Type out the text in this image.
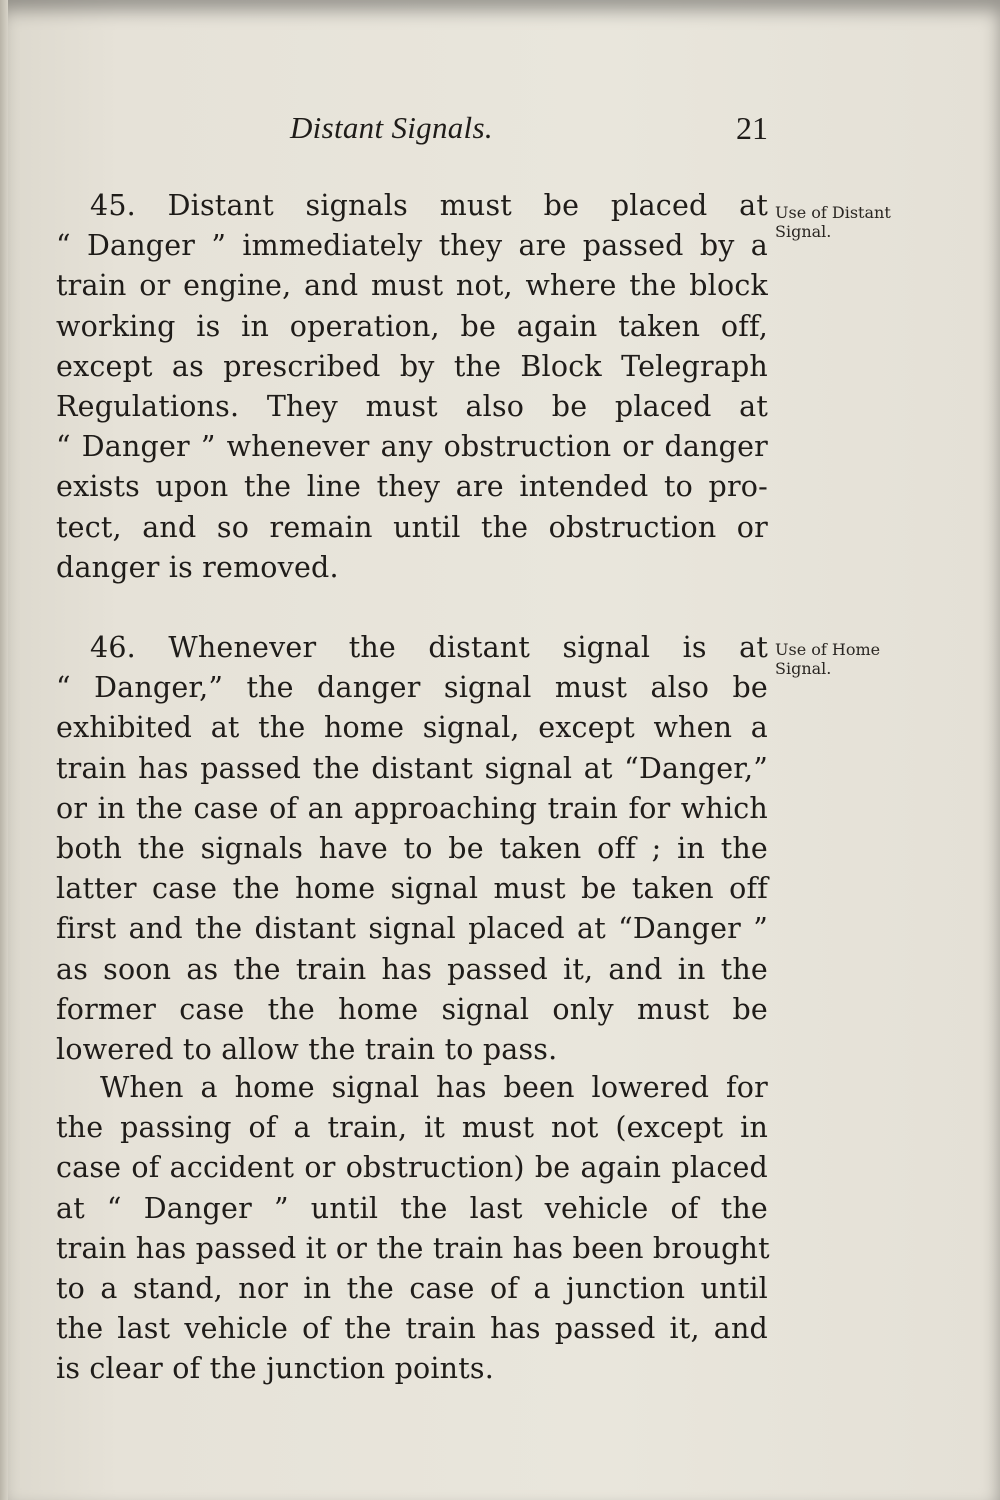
Distant Signals.	21
45. Distant signals must be placed at
“ Danger ” immediately they are passed by a
train or engine, and must not, where the block
working is in operation, be again taken off,
except as prescribed by the Block Telegraph
Regulations. They must also be placed at
“ Danger ” whenever any obstruction or danger
exists upon the line they are intended to pro-
tect, and so remain until the obstruction or
danger is removed.
Use of Distant
Signal.
46. Whenever the distant signal is at
“ Danger,” the danger signal must also be
exhibited at the home signal, except when a
train has passed the distant signal at “Danger,”
or in the case of an approaching train for which
both the signals have to be taken off ; in the
latter case the home signal must be taken off
first and the distant signal placed at “Danger ”
as soon as the train has passed it, and in the
former case the home signal only must be
lowered to allow the train to pass.
Use of Home
Signal.
When a home signal has been lowered for
the passing of a train, it must not (except in
case of accident or obstruction) be again placed
at “ Danger ” until the last vehicle of the
train has passed it or the train has been brought
to a stand, nor in the case of a junction until
the last vehicle of the train has passed it, and
is clear of the junction points.
